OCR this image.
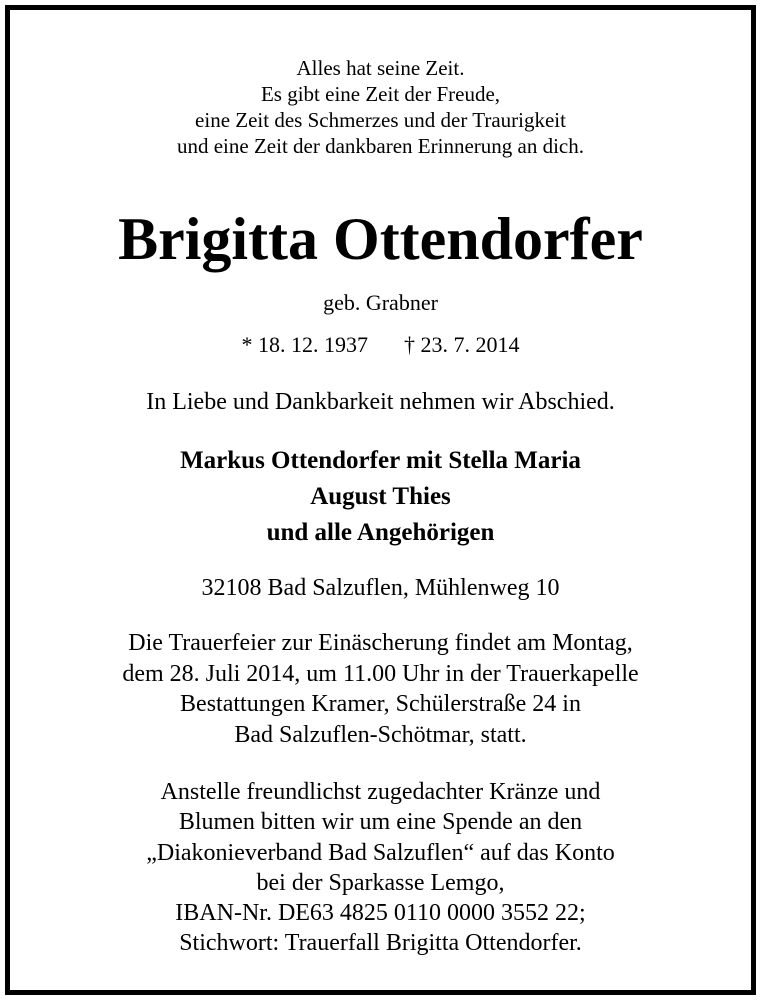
Alles hat seine Zeit.
Es gibt eine Zeit der Freude,
eine Zeit des Schmerzes und der Traurigkeit
und eine Zeit der dankbaren Erinnerung an dich.
Brigitta Ottendorfer
geb. Grabner
* 18. 12. 1937 † 23. 7. 2014
In Liebe und Dankbarkeit nehmen wir Abschied.
Markus Ottendorfer mit Stella Maria
August Thies
und alle Angehörigen
32108 Bad Salzuflen, Mühlenweg 10
Die Trauerfeier zur Einäscherung findet am Montag,
dem 28. Juli 2014, um 11.00 Uhr in der Trauerkapelle
Bestattungen Kramer, Schülerstraße 24 in
Bad Salzuflen-Schötmar, statt.
Anstelle freundlichst zugedachter Kränze und
Blumen bitten wir um eine Spende an den
„Diakonieverband Bad Salzuflen“ auf das Konto
bei der Sparkasse Lemgo,
IBAN-Nr. DE63 4825 0110 0000 3552 22;
Stichwort: Trauerfall Brigitta Ottendorfer.
